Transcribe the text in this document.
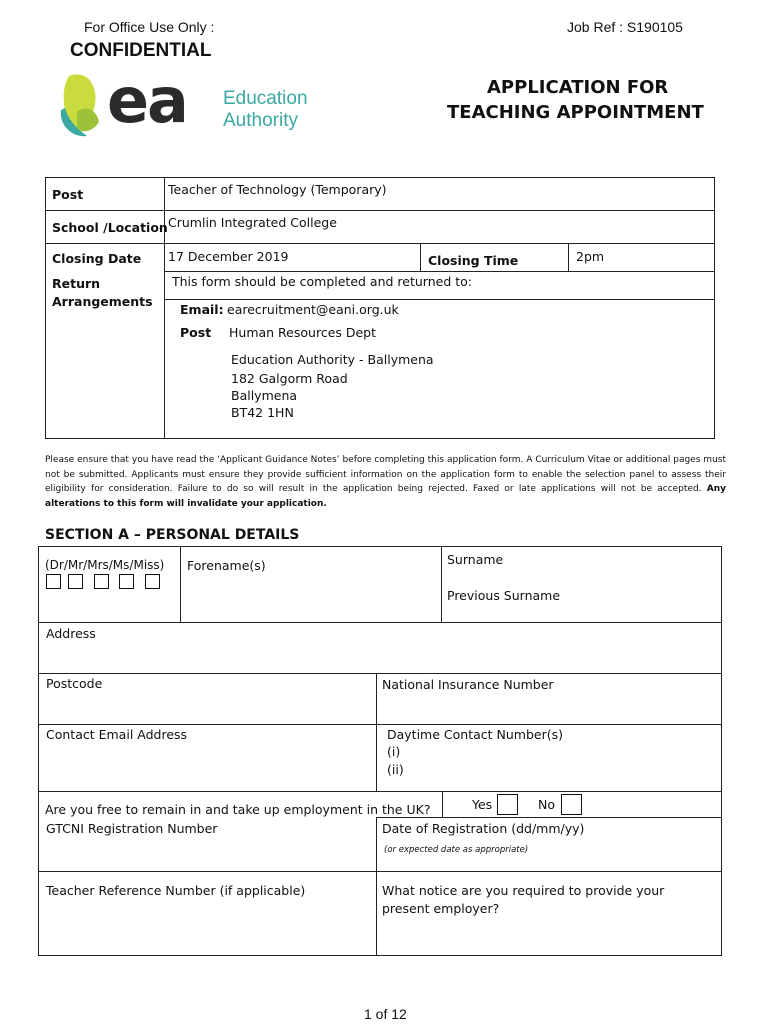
For Office Use Only :	Job Ref : S190105
CONFIDENTIAL
ea Education
Authority
APPLICATION FOR
TEACHING APPOINTMENT
Post	Teacher of Technology (Temporary)
School /Location Crumlin Integrated College
Closing Date 17 December 2019	Closing Time	2pm
Return
Arrangements
This form should be completed and returned to:
Email: earecruitment@eani.org.uk
Post Human Resources Dept
Education Authority - Ballymena
182 Galgorm Road
Ballymena
BT42 1HN
Please ensure that you have read the ‘Applicant Guidance Notes’ before completing this application form. A Curriculum Vitae or additional pages must not be submitted. Applicants must ensure they provide sufficient information on the application form to enable the selection panel to assess their eligibility for consideration. Failure to do so will result in the application being rejected. Faxed or late applications will not be accepted. Any alterations to this form will invalidate your application.
SECTION A – PERSONAL DETAILS
(Dr/Mr/Mrs/Ms/Miss) Forename(s)	Surname
Previous Surname
Address
Postcode	National Insurance Number
Contact Email Address	Daytime Contact Number(s)
(i)
(ii)
Are you free to remain in and take up employment in the UK?	Yes	No
GTCNI Registration Number	Date of Registration (dd/mm/yy)
(or expected date as appropriate)
Teacher Reference Number (if applicable)	What notice are you required to provide your
present employer?
1 of 12
